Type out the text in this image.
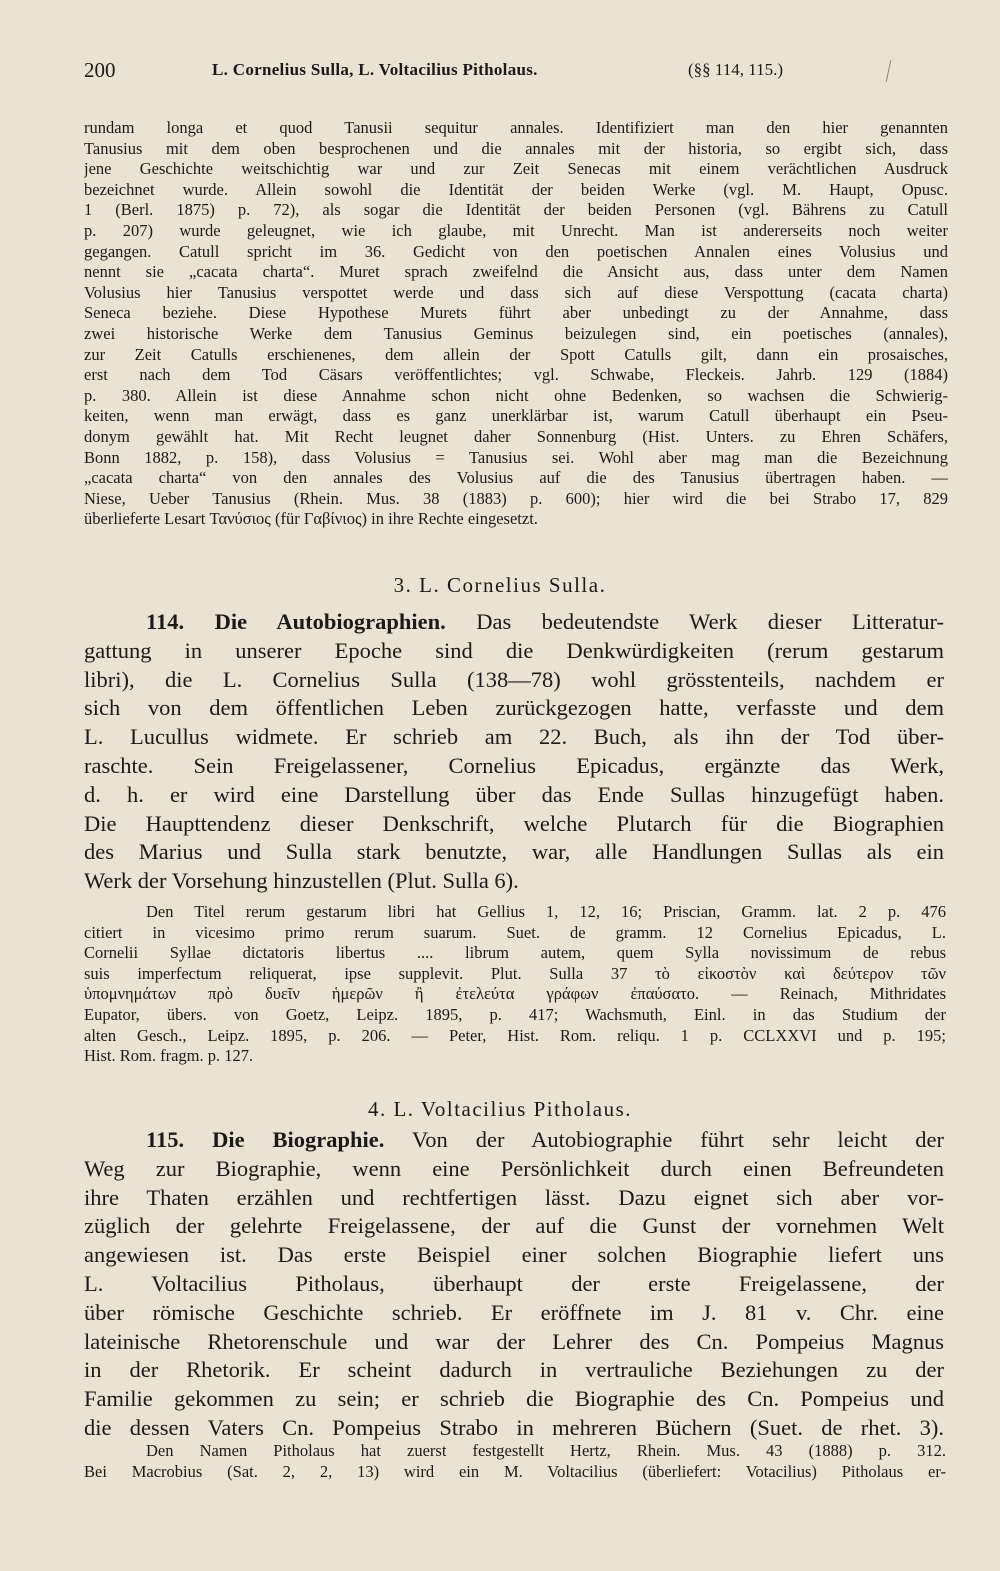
200	L. Cornelius Sulla, L. Voltacilius Pitholaus.	(§§ 114, 115.)
rundam longa et quod Tanusii sequitur annales. Identifiziert man den hier genannten
Tanusius mit dem oben besprochenen und die annales mit der historia, so ergibt sich, dass
jene Geschichte weitschichtig war und zur Zeit Senecas mit einem verächtlichen Ausdruck
bezeichnet wurde. Allein sowohl die Identität der beiden Werke (vgl. M. Haupt, Opusc.
1 (Berl. 1875) p. 72), als sogar die Identität der beiden Personen (vgl. Bährens zu Catull
p. 207) wurde geleugnet, wie ich glaube, mit Unrecht. Man ist andererseits noch weiter
gegangen. Catull spricht im 36. Gedicht von den poetischen Annalen eines Volusius und
nennt sie „cacata charta“. Muret sprach zweifelnd die Ansicht aus, dass unter dem Namen
Volusius hier Tanusius verspottet werde und dass sich auf diese Verspottung (cacata charta)
Seneca beziehe. Diese Hypothese Murets führt aber unbedingt zu der Annahme, dass
zwei historische Werke dem Tanusius Geminus beizulegen sind, ein poetisches (annales),
zur Zeit Catulls erschienenes, dem allein der Spott Catulls gilt, dann ein prosaisches,
erst nach dem Tod Cäsars veröffentlichtes; vgl. Schwabe, Fleckeis. Jahrb. 129 (1884)
p. 380. Allein ist diese Annahme schon nicht ohne Bedenken, so wachsen die Schwierig-
keiten, wenn man erwägt, dass es ganz unerklärbar ist, warum Catull überhaupt ein Pseu-
donym gewählt hat. Mit Recht leugnet daher Sonnenburg (Hist. Unters. zu Ehren Schäfers,
Bonn 1882, p. 158), dass Volusius = Tanusius sei. Wohl aber mag man die Bezeichnung
„cacata charta“ von den annales des Volusius auf die des Tanusius übertragen haben. —
Niese, Ueber Tanusius (Rhein. Mus. 38 (1883) p. 600); hier wird die bei Strabo 17, 829
überlieferte Lesart Τανύσιος (für Γαβίνιος) in ihre Rechte eingesetzt.
3. L. Cornelius Sulla.
114. Die Autobiographien. Das bedeutendste Werk dieser Litteratur-
gattung in unserer Epoche sind die Denkwürdigkeiten (rerum gestarum
libri), die L. Cornelius Sulla (138—78) wohl grösstenteils, nachdem er
sich von dem öffentlichen Leben zurückgezogen hatte, verfasste und dem
L. Lucullus widmete. Er schrieb am 22. Buch, als ihn der Tod über-
raschte. Sein Freigelassener, Cornelius Epicadus, ergänzte das Werk,
d. h. er wird eine Darstellung über das Ende Sullas hinzugefügt haben.
Die Haupttendenz dieser Denkschrift, welche Plutarch für die Biographien
des Marius und Sulla stark benutzte, war, alle Handlungen Sullas als ein
Werk der Vorsehung hinzustellen (Plut. Sulla 6).
Den Titel rerum gestarum libri hat Gellius 1, 12, 16; Priscian, Gramm. lat. 2 p. 476
citiert in vicesimo primo rerum suarum. Suet. de gramm. 12 Cornelius Epicadus, L.
Cornelii Syllae dictatoris libertus .... librum autem, quem Sylla novissimum de rebus
suis imperfectum reliquerat, ipse supplevit. Plut. Sulla 37 τὸ εἰκοστὸν καὶ δεύτερον τῶν
ὑπομνημάτων πρὸ δυεῖν ἡμερῶν ἢ ἐτελεύτα γράφων ἐπαύσατο. — Reinach, Mithridates
Eupator, übers. von Goetz, Leipz. 1895, p. 417; Wachsmuth, Einl. in das Studium der
alten Gesch., Leipz. 1895, p. 206. — Peter, Hist. Rom. reliqu. 1 p. CCLXXVI und p. 195;
Hist. Rom. fragm. p. 127.
4. L. Voltacilius Pitholaus.
115. Die Biographie. Von der Autobiographie führt sehr leicht der
Weg zur Biographie, wenn eine Persönlichkeit durch einen Befreundeten
ihre Thaten erzählen und rechtfertigen lässt. Dazu eignet sich aber vor-
züglich der gelehrte Freigelassene, der auf die Gunst der vornehmen Welt
angewiesen ist. Das erste Beispiel einer solchen Biographie liefert uns
L. Voltacilius Pitholaus, überhaupt der erste Freigelassene, der
über römische Geschichte schrieb. Er eröffnete im J. 81 v. Chr. eine
lateinische Rhetorenschule und war der Lehrer des Cn. Pompeius Magnus
in der Rhetorik. Er scheint dadurch in vertrauliche Beziehungen zu der
Familie gekommen zu sein; er schrieb die Biographie des Cn. Pompeius und
die dessen Vaters Cn. Pompeius Strabo in mehreren Büchern (Suet. de rhet. 3).
Den Namen Pitholaus hat zuerst festgestellt Hertz, Rhein. Mus. 43 (1888) p. 312.
Bei Macrobius (Sat. 2, 2, 13) wird ein M. Voltacilius (überliefert: Votacilius) Pitholaus er-
